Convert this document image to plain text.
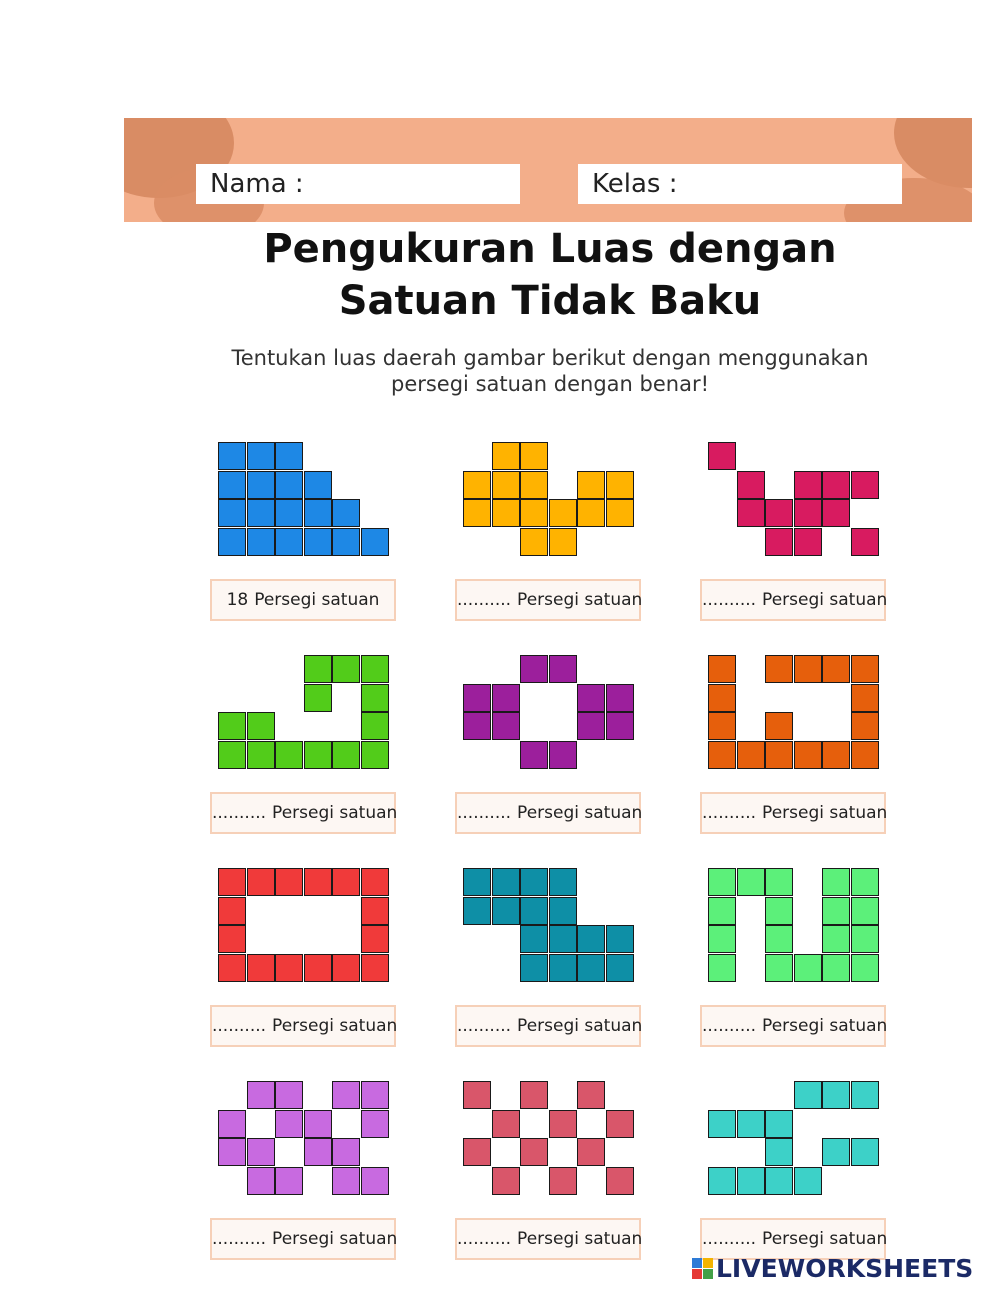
Nama :	Kelas :
Pengukuran Luas dengan
Satuan Tidak Baku
Tentukan luas daerah gambar berikut dengan menggunakan
persegi satuan dengan benar!
18 Persegi satuan	.......... Persegi satuan	.......... Persegi satuan
.......... Persegi satuan	.......... Persegi satuan	.......... Persegi satuan
.......... Persegi satuan	.......... Persegi satuan	.......... Persegi satuan
.......... Persegi satuan	.......... Persegi satuan	.......... Persegi satuan
LIVEWORKSHEETS
